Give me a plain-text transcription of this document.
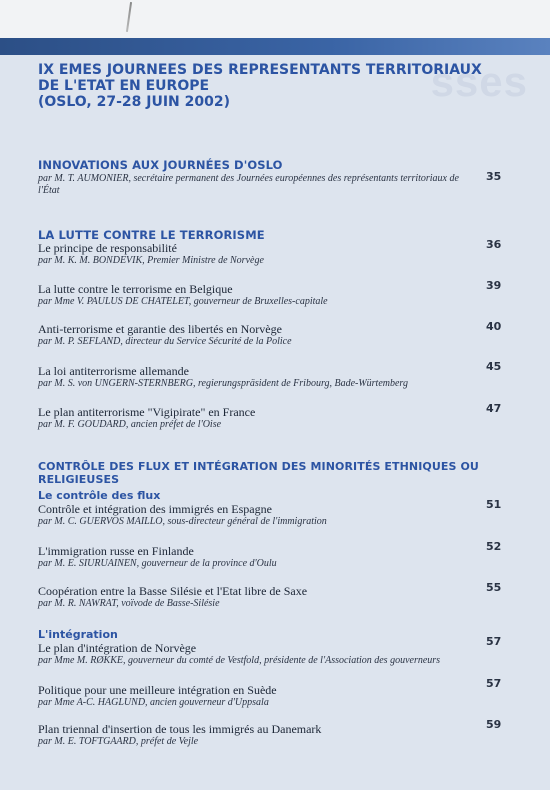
sses
IX EMES JOURNEES DES REPRESENTANTS TERRITORIAUX
DE L'ETAT EN EUROPE
(OSLO, 27-28 JUIN 2002)
INNOVATIONS AUX JOURNÉES D'OSLO
par M. T. AUMONIER, secrétaire permanent des Journées européennes des représentants territoriaux de l'État
35
LA LUTTE CONTRE LE TERRORISME
Le principe de responsabilité
par M. K. M. BONDEVIK, Premier Ministre de Norvège
36
La lutte contre le terrorisme en Belgique
par Mme V. PAULUS DE CHATELET, gouverneur de Bruxelles-capitale
39
Anti-terrorisme et garantie des libertés en Norvège
par M. P. SEFLAND, directeur du Service Sécurité de la Police
40
La loi antiterrorisme allemande
par M. S. von UNGERN-STERNBERG, regierungspräsident de Fribourg, Bade-Würtemberg
45
Le plan antiterrorisme "Vigipirate" en France
par M. F. GOUDARD, ancien préfet de l'Oise
47
CONTRÔLE DES FLUX ET INTÉGRATION DES MINORITÉS ETHNIQUES OU RELIGIEUSES
Le contrôle des flux
Contrôle et intégration des immigrés en Espagne
par M. C. GUERVOS MAILLO, sous-directeur général de l'immigration
51
L'immigration russe en Finlande
par M. E. SIURUAINEN, gouverneur de la province d'Oulu
52
Coopération entre la Basse Silésie et l'Etat libre de Saxe
par M. R. NAWRAT, voïvode de Basse-Silésie
55
L'intégration
Le plan d'intégration de Norvège
par Mme M. RØKKE, gouverneur du comté de Vestfold, présidente de l'Association des gouverneurs
57
Politique pour une meilleure intégration en Suède
par Mme A-C. HAGLUND, ancien gouverneur d'Uppsala
57
Plan triennal d'insertion de tous les immigrés au Danemark
par M. E. TOFTGAARD, préfet de Vejle
59
